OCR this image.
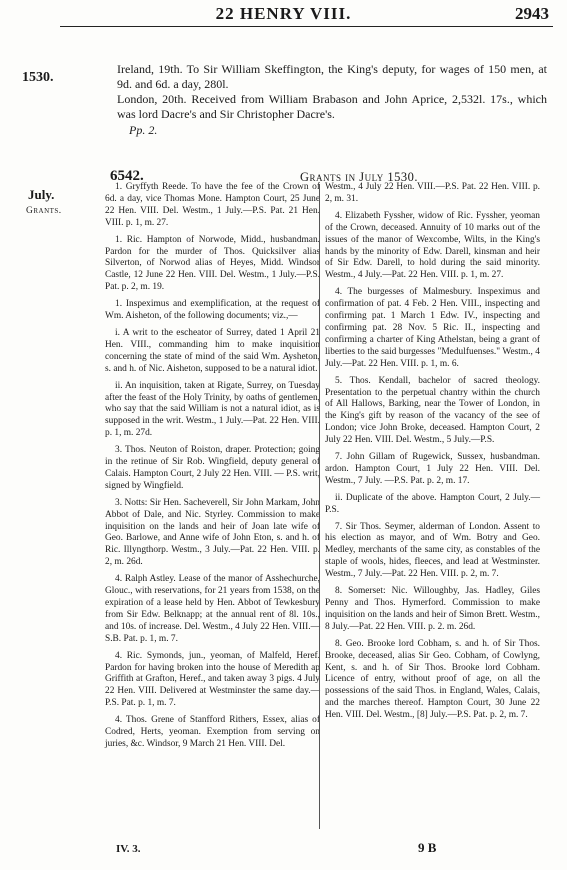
22 HENRY VIII.	2943
1530.

Ireland, 19th. To Sir William Skeffington, the King's deputy, for wages of 150 men, at 9d. and 6d. a day, 280l.

London, 20th. Received from William Brabason and John Aprice, 2,532l. 17s., which was lord Dacre's and Sir Christopher Dacre's.

Pp. 2.

6542.	Grants in July 1530.
July.
Grants.

1. Gryffyth Reede. To have the fee of the Crown of 6d. a day, vice Thomas Mone. Hampton Court, 25 June 22 Hen. VIII. Del. Westm., 1 July.—P.S. Pat. 21 Hen. VIII. p. 1, m. 27.

1. Ric. Hampton of Norwode, Midd., husbandman. Pardon for the murder of Thos. Quicksilver alias Silverton, of Norwod alias of Heyes, Midd. Windsor Castle, 12 June 22 Hen. VIII. Del. Westm., 1 July.—P.S. Pat. p. 2, m. 19.

1. Inspeximus and exemplification, at the request of Wm. Aisheton, of the following documents; viz.,—

i. A writ to the escheator of Surrey, dated 1 April 21 Hen. VIII., commanding him to make inquisition concerning the state of mind of the said Wm. Aysheton, s. and h. of Nic. Aisheton, supposed to be a natural idiot.

ii. An inquisition, taken at Rigate, Surrey, on Tuesday after the feast of the Holy Trinity, by oaths of gentlemen, who say that the said William is not a natural idiot, as is supposed in the writ. Westm., 1 July.—Pat. 22 Hen. VIII. p. 1, m. 27d.

3. Thos. Neuton of Roiston, draper. Protection; going in the retinue of Sir Rob. Wingfield, deputy general of Calais. Hampton Court, 2 July 22 Hen. VIII. — P.S. writ, signed by Wingfield.

3. Notts: Sir Hen. Sacheverell, Sir John Markam, John Abbot of Dale, and Nic. Styrley. Commission to make inquisition on the lands and heir of Joan late wife of Geo. Barlowe, and Anne wife of John Eton, s. and h. of Ric. Illyngthorp. Westm., 3 July.—Pat. 22 Hen. VIII. p. 2, m. 26d.

4. Ralph Astley. Lease of the manor of Asshechurche, Glouc., with reservations, for 21 years from 1538, on the expiration of a lease held by Hen. Abbot of Tewkesbury from Sir Edw. Belknapp; at the annual rent of 8l. 10s., and 10s. of increase. Del. Westm., 4 July 22 Hen. VIII.—S.B. Pat. p. 1, m. 7.

4. Ric. Symonds, jun., yeoman, of Malfeld, Heref. Pardon for having broken into the house of Meredith ap Griffith at Grafton, Heref., and taken away 3 pigs. 4 July 22 Hen. VIII. Delivered at Westminster the same day.—P.S. Pat. p. 1, m. 7.

4. Thos. Grene of Stanfford Rithers, Essex, alias of Codred, Herts, yeoman. Exemption from serving on juries, &c. Windsor, 9 March 21 Hen. VIII. Del.

Westm., 4 July 22 Hen. VIII.—P.S. Pat. 22 Hen. VIII. p. 2, m. 31.

4. Elizabeth Fyssher, widow of Ric. Fyssher, yeoman of the Crown, deceased. Annuity of 10 marks out of the issues of the manor of Wexcombe, Wilts, in the King's hands by the minority of Edw. Darell, kinsman and heir of Sir Edw. Darell, to hold during the said minority. Westm., 4 July.—Pat. 22 Hen. VIII. p. 1, m. 27.

4. The burgesses of Malmesbury. Inspeximus and confirmation of pat. 4 Feb. 2 Hen. VIII., inspecting and confirming pat. 1 March 1 Edw. IV., inspecting and confirming pat. 28 Nov. 5 Ric. II., inspecting and confirming a charter of King Athelstan, being a grant of liberties to the said burgesses "Medulfuenses." Westm., 4 July.—Pat. 22 Hen. VIII. p. 1, m. 6.

5. Thos. Kendall, bachelor of sacred theology. Presentation to the perpetual chantry within the church of All Hallows, Barking, near the Tower of London, in the King's gift by reason of the vacancy of the see of London; vice John Broke, deceased. Hampton Court, 2 July 22 Hen. VIII. Del. Westm., 5 July.—P.S.

7. John Gillam of Rugewick, Sussex, husbandman. ardon. Hampton Court, 1 July 22 Hen. VIII. Del. Westm., 7 July. —P.S. Pat. p. 2, m. 17.

ii. Duplicate of the above. Hampton Court, 2 July.—P.S.

7. Sir Thos. Seymer, alderman of London. Assent to his election as mayor, and of Wm. Botry and Geo. Medley, merchants of the same city, as constables of the staple of wools, hides, fleeces, and lead at Westminster. Westm., 7 July.—Pat. 22 Hen. VIII. p. 2, m. 7.

8. Somerset: Nic. Willoughby, Jas. Hadley, Giles Penny and Thos. Hymerford. Commission to make inquisition on the lands and heir of Simon Brett. Westm., 8 July.—Pat. 22 Hen. VIII. p. 2. m. 26d.

8. Geo. Brooke lord Cobham, s. and h. of Sir Thos. Brooke, deceased, alias Sir Geo. Cobham, of Cowlyng, Kent, s. and h. of Sir Thos. Brooke lord Cobham. Licence of entry, without proof of age, on all the possessions of the said Thos. in England, Wales, Calais, and the marches thereof. Hampton Court, 30 June 22 Hen. VIII. Del. Westm., [8] July.—P.S. Pat. p. 2, m. 7.

IV. 3.	9 B
